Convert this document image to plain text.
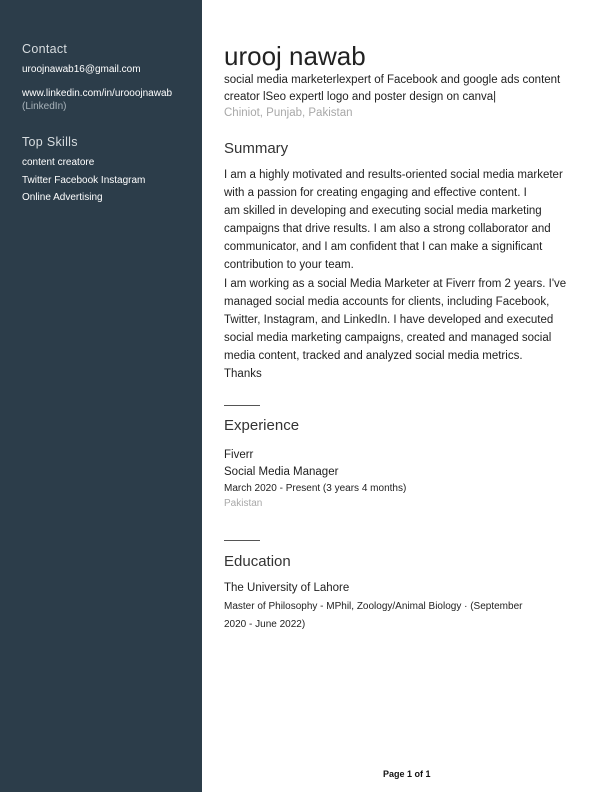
Contact
uroojnawab16@gmail.com
www.linkedin.com/in/urooojnawab
(LinkedIn)
Top Skills
content creatore
Twitter Facebook Instagram
Online Advertising
urooj nawab
social media marketerlexpert of Facebook and google ads content
creator lSeo expertl logo and poster design on canva|
Chiniot, Punjab, Pakistan
Summary
I am a highly motivated and results-oriented social media marketer
with a passion for creating engaging and effective content. I
am skilled in developing and executing social media marketing
campaigns that drive results. I am also a strong collaborator and
communicator, and I am confident that I can make a significant
contribution to your team.
I am working as a social Media Marketer at Fiverr from 2 years. I've
managed social media accounts for clients, including Facebook,
Twitter, Instagram, and LinkedIn. I have developed and executed
social media marketing campaigns, created and managed social
media content, tracked and analyzed social media metrics.
Thanks
Experience
Fiverr
Social Media Manager
March 2020 - Present (3 years 4 months)
Pakistan
Education
The University of Lahore
Master of Philosophy - MPhil, Zoology/Animal Biology · (September
2020 - June 2022)
Page 1 of 1
